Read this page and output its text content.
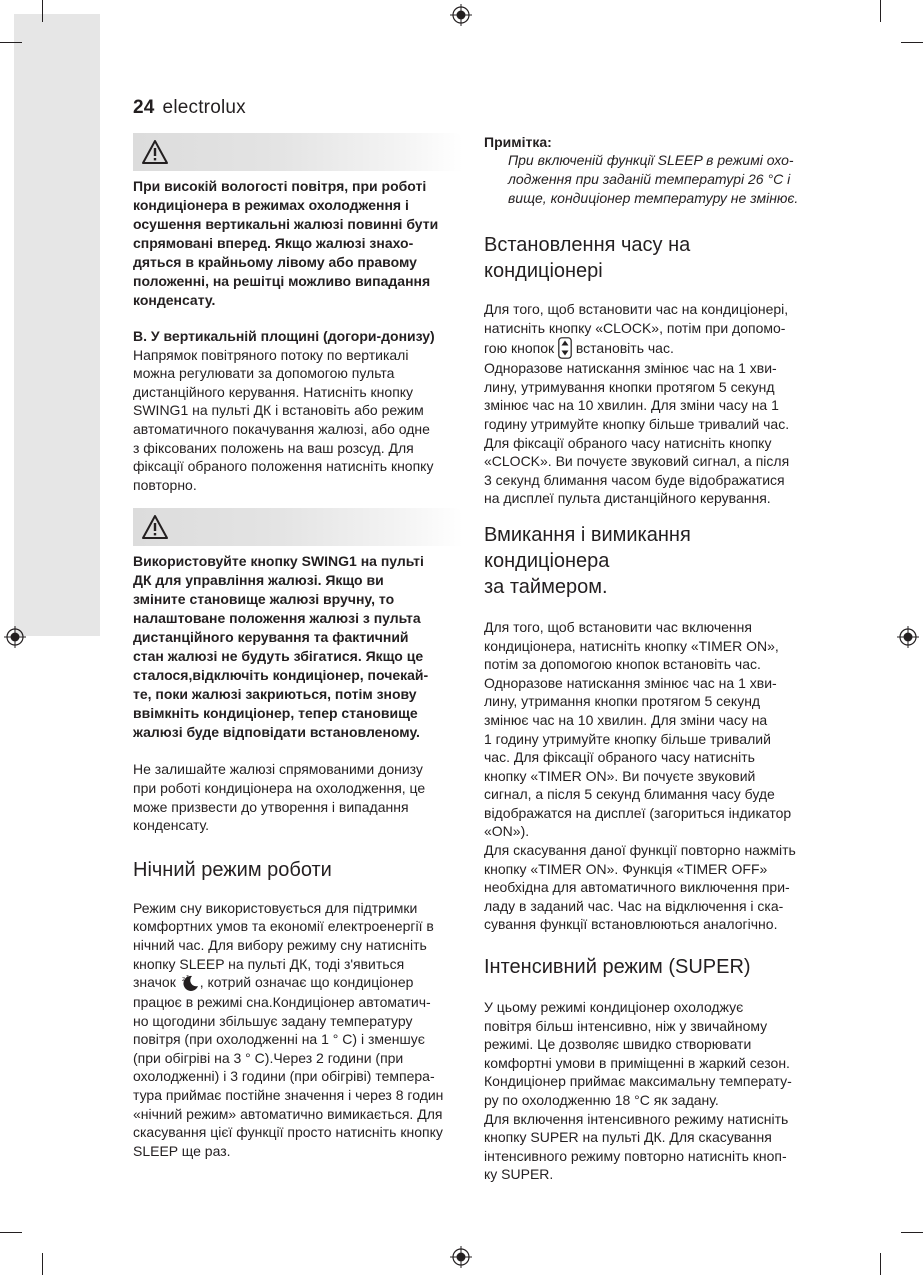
24 electrolux

При високій вологості повітря, при роботі

кондиціонера в режимах охолодження і

осушення вертикальні жалюзі повинні бути

спрямовані вперед. Якщо жалюзі знахо-

дяться в крайньому лівому або правому

положенні, на решітці можливо випадання

конденсату.

B. У вертикальній площині (догори-донизу)

Напрямок повітряного потоку по вертикалі

можна регулювати за допомогою пульта

дистанційного керування. Натисніть кнопку

SWING1 на пульті ДК і встановіть або режим

автоматичного покачування жалюзі, або одне

з фіксованих положень на ваш розсуд. Для

фіксації обраного положення натисніть кнопку

повторно.

Використовуйте кнопку SWING1 на пульті

ДК для управління жалюзі. Якщо ви

зміните становище жалюзі вручну, то

налаштоване положення жалюзі з пульта

дистанційного керування та фактичний

стан жалюзі не будуть збігатися. Якщо це

сталося,відключіть кондиціонер, почекай-

те, поки жалюзі закриються, потім знову

ввімкніть кондиціонер, тепер становище

жалюзі буде відповідати встановленому.

Не залишайте жалюзі спрямованими донизу

при роботі кондиціонера на охолодження, це

може призвести до утворення і випадання

конденсату.

Нічний режим роботи

Режим сну використовується для підтримки

комфортних умов та економії електроенергії в

нічний час. Для вибору режиму сну натисніть

кнопку SLEEP на пульті ДК, тоді з'явиться

значок z z , котрий означає що кондиціонер

працює в режимі сна.Кондиціонер автоматич-

но щогодини збільшує задану температуру

повітря (при охолодженні на 1 ° С) і зменшує

(при обігріві на 3 ° С).Через 2 години (при

охолодженні) і 3 години (при обігріві) темпера-

тура приймає постійне значення і через 8 годин

«нічний режим» автоматично вимикається. Для

скасування цієї функції просто натисніть кнопку

SLEEP ще раз.

Примітка:

При включеній функції SLEEP в режимі охо-

лодження при заданій температурі 26 °С і

вище, кондиціонер температуру не змінює.

Встановлення часу на кондиціонері

Для того, щоб встановити час на кондиціонері,

натисніть кнопку «CLOCK», потім при допомо-

гою кнопок встановіть час.

Одноразове натискання змінює час на 1 хви-

лину, утримування кнопки протягом 5 секунд

змінює час на 10 хвилин. Для зміни часу на 1

годину утримуйте кнопку більше тривалий час.

Для фіксації обраного часу натисніть кнопку

«CLOCK». Ви почуєте звуковий сигнал, а після

3 секунд блимання часом буде відображатися

на дисплеї пульта дистанційного керування.

Вмикання і вимикання кондиціонера
за таймером.

Для того, щоб встановити час включення

кондиціонера, натисніть кнопку «TIMER ON»,

потім за допомогою кнопок встановіть час.

Одноразове натискання змінює час на 1 хви-

лину, утримання кнопки протягом 5 секунд

змінює час на 10 хвилин. Для зміни часу на

1 годину утримуйте кнопку більше тривалий

час. Для фіксації обраного часу натисніть

кнопку «TIMER ON». Ви почуєте звуковий

сигнал, а після 5 секунд блимання часу буде

відображатся на дисплеї (загориться індикатор

«ON»).

Для скасування даної функції повторно нажміть

кнопку «TIMER ON». Функція «TIMER OFF»

необхідна для автоматичного виключення при-

ладу в заданий час. Час на відключення і ска-

сування функції встановлюються аналогічно.

Інтенсивний режим (SUPER)

У цьому режимі кондиціонер охолоджує

повітря більш інтенсивно, ніж у звичайному

режимі. Це дозволяє швидко створювати

комфортні умови в приміщенні в жаркий сезон.

Кондиціонер приймає максимальну температу-

ру по охолодженню 18 °С як задану.

Для включення інтенсивного режиму натисніть

кнопку SUPER на пульті ДК. Для скасування

інтенсивного режиму повторно натисніть кноп-

ку SUPER.
